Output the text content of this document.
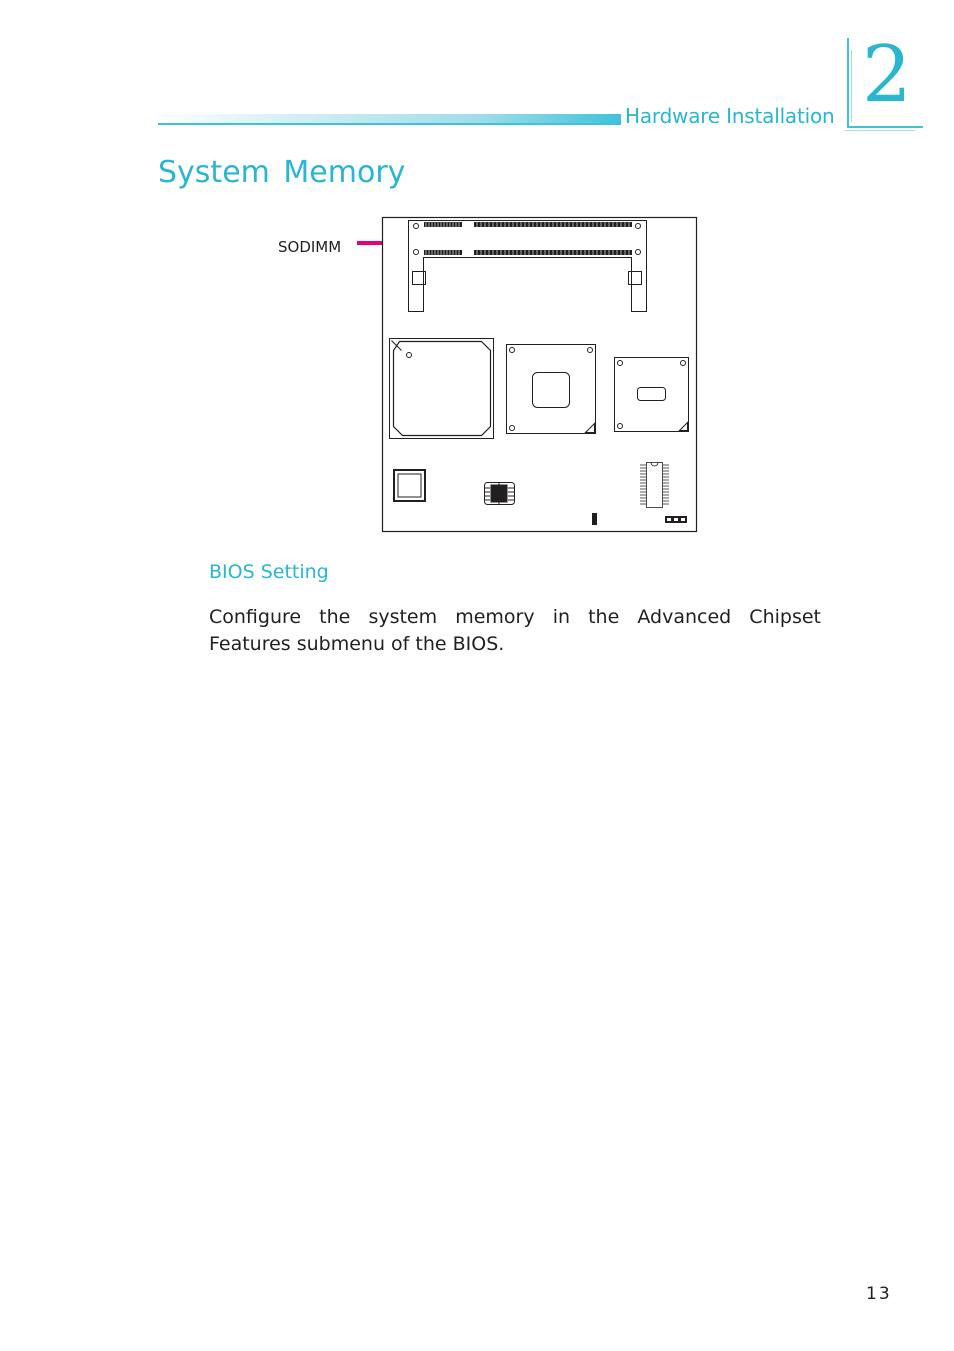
Hardware Installation 2
System Memory
SODIMM
BIOS Setting
Configure the system memory in the Advanced Chipset Features submenu of the BIOS.
13
